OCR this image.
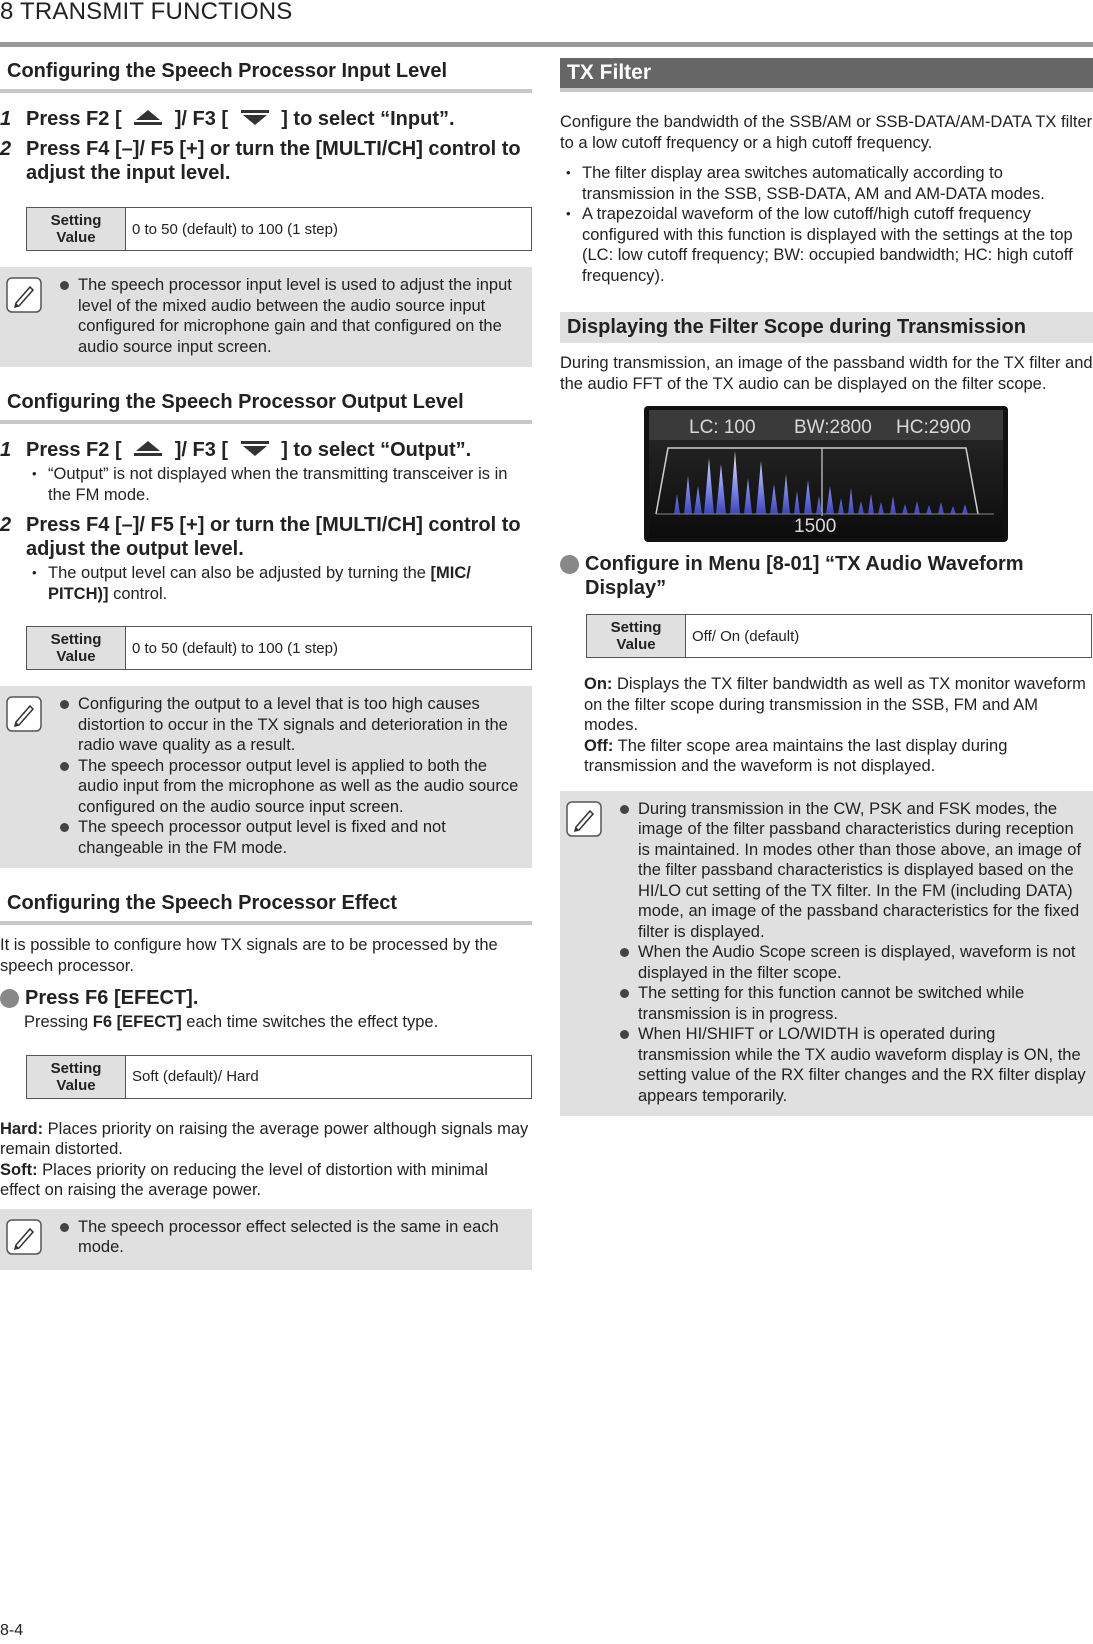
8 TRANSMIT FUNCTIONS
Configuring the Speech Processor Input Level
1 Press F2 [	]/ F3 [	] to select “Input”.
2 Press F4 [–]/ F5 [+] or turn the [MULTI/CH] control to adjust the input level.
Setting Value	0 to 50 (default) to 100 (1 step)
The speech processor input level is used to adjust the input level of the mixed audio between the audio source input configured for microphone gain and that configured on the audio source input screen.
Configuring the Speech Processor Output Level
1 Press F2 [	]/ F3 [	] to select “Output”.
• “Output” is not displayed when the transmitting transceiver is in the FM mode.
2 Press F4 [–]/ F5 [+] or turn the [MULTI/CH] control to adjust the output level.
• The output level can also be adjusted by turning the [MIC/ PITCH)] control.
Setting Value	0 to 50 (default) to 100 (1 step)
Configuring the output to a level that is too high causes distortion to occur in the TX signals and deterioration in the radio wave quality as a result.
The speech processor output level is applied to both the audio input from the microphone as well as the audio source configured on the audio source input screen.
The speech processor output level is fixed and not changeable in the FM mode.
Configuring the Speech Processor Effect
It is possible to configure how TX signals are to be processed by the speech processor.
Press F6 [EFECT].
Pressing F6 [EFECT] each time switches the effect type.
Setting Value	Soft (default)/ Hard
Hard: Places priority on raising the average power although signals may remain distorted.
Soft: Places priority on reducing the level of distortion with minimal effect on raising the average power.
The speech processor effect selected is the same in each mode.
TX Filter
Configure the bandwidth of the SSB/AM or SSB-DATA/AM-DATA TX filter to a low cutoff frequency or a high cutoff frequency.
• The filter display area switches automatically according to transmission in the SSB, SSB-DATA, AM and AM-DATA modes.
• A trapezoidal waveform of the low cutoff/high cutoff frequency configured with this function is displayed with the settings at the top (LC: low cutoff frequency; BW: occupied bandwidth; HC: high cutoff frequency).
Displaying the Filter Scope during Transmission
During transmission, an image of the passband width for the TX filter and the audio FFT of the TX audio can be displayed on the filter scope.
LC: 100 BW:2800 HC:2900
1500
Configure in Menu [8-01] “TX Audio Waveform Display”
Setting Value	Off/ On (default)
On: Displays the TX filter bandwidth as well as TX monitor waveform on the filter scope during transmission in the SSB, FM and AM modes.
Off: The filter scope area maintains the last display during transmission and the waveform is not displayed.
During transmission in the CW, PSK and FSK modes, the image of the filter passband characteristics during reception is maintained. In modes other than those above, an image of the filter passband characteristics is displayed based on the HI/LO cut setting of the TX filter. In the FM (including DATA) mode, an image of the passband characteristics for the fixed filter is displayed.
When the Audio Scope screen is displayed, waveform is not displayed in the filter scope.
The setting for this function cannot be switched while transmission is in progress.
When HI/SHIFT or LO/WIDTH is operated during transmission while the TX audio waveform display is ON, the setting value of the RX filter changes and the RX filter display appears temporarily.
8-4
